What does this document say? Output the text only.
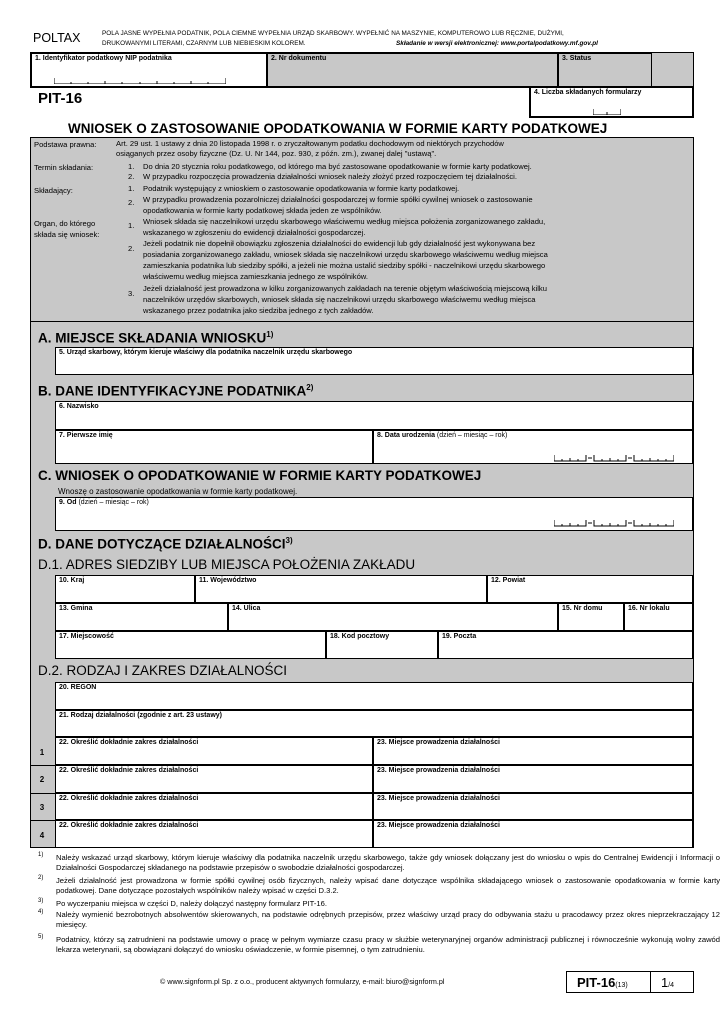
POLTAX	POLA JASNE WYPEŁNIA PODATNIK, POLA CIEMNE WYPEŁNIA URZĄD SKARBOWY. WYPEŁNIĆ NA MASZYNIE, KOMPUTEROWO LUB RĘCZNIE, DUŻYMI,
DRUKOWANYMI LITERAMI, CZARNYM LUB NIEBIESKIM KOLOREM.	Składanie w wersji elektronicznej: www.portalpodatkowy.mf.gov.pl
1. Identyfikator podatkowy NIP podatnika	2. Nr dokumentu	3. Status
PIT-16	4. Liczba składanych formularzy
WNIOSEK O ZASTOSOWANIE OPODATKOWANIA W FORMIE KARTY PODATKOWEJ
Podstawa prawna:	Art. 29 ust. 1 ustawy z dnia 20 listopada 1998 r. o zryczałtowanym podatku dochodowym od niektórych przychodów
osiąganych przez osoby fizyczne (Dz. U. Nr 144, poz. 930, z późn. zm.), zwanej dalej "ustawą".
Termin składania:	1. Do dnia 20 stycznia roku podatkowego, od którego ma być zastosowane opodatkowanie w formie karty podatkowej.
2. W przypadku rozpoczęcia prowadzenia działalności wniosek należy złożyć przed rozpoczęciem tej działalności.
Składający:	1. Podatnik występujący z wnioskiem o zastosowanie opodatkowania w formie karty podatkowej.
2. W przypadku prowadzenia pozarolniczej działalności gospodarczej w formie spółki cywilnej wniosek o zastosowanie
opodatkowania w formie karty podatkowej składa jeden ze wspólników.
Organ, do którego
składa się wniosek:
1. Wniosek składa się naczelnikowi urzędu skarbowego właściwemu według miejsca położenia zorganizowanego zakładu,
wskazanego w zgłoszeniu do ewidencji działalności gospodarczej.
2.
Jeżeli podatnik nie dopełnił obowiązku zgłoszenia działalności do ewidencji lub gdy działalność jest wykonywana bez
posiadania zorganizowanego zakładu, wniosek składa się naczelnikowi urzędu skarbowego właściwemu według miejsca
zamieszkania podatnika lub siedziby spółki, a jeżeli nie można ustalić siedziby spółki - naczelnikowi urzędu skarbowego
właściwemu według miejsca zamieszkania jednego ze wspólników.
3.
Jeżeli działalność jest prowadzona w kilku zorganizowanych zakładach na terenie objętym właściwością miejscową kilku
naczelników urzędów skarbowych, wniosek składa się naczelnikowi urzędu skarbowego właściwemu według miejsca
wskazanego przez podatnika jako siedziba jednego z tych zakładów.
A. MIEJSCE SKŁADANIA WNIOSKU$^{1)}$
5. Urząd skarbowy, którym kieruje właściwy dla podatnika naczelnik urzędu skarbowego
B. DANE IDENTYFIKACYJNE PODATNIKA$^{2)}$
6. Nazwisko
7. Pierwsze imię	8. Data urodzenia (dzień – miesiąc – rok)
C. WNIOSEK O OPODATKOWANIE W FORMIE KARTY PODATKOWEJ
Wnoszę o zastosowanie opodatkowania w formie karty podatkowej.
9. Od (dzień – miesiąc – rok)
D. DANE DOTYCZĄCE DZIAŁALNOŚCI$^{3)}$
D.1. ADRES SIEDZIBY LUB MIEJSCA POŁOŻENIA ZAKŁADU
10. Kraj	11. Województwo	12. Powiat
13. Gmina	14. Ulica	15. Nr domu	16. Nr lokalu
17. Miejscowość	18. Kod pocztowy	19. Poczta
D.2. RODZAJ I ZAKRES DZIAŁALNOŚCI
20. REGON
21. Rodzaj działalności (zgodnie z art. 23 ustawy)
1
22. Określić dokładnie zakres działalności	23. Miejsce prowadzenia działalności
2
22. Określić dokładnie zakres działalności	23. Miejsce prowadzenia działalności
3
22. Określić dokładnie zakres działalności	23. Miejsce prowadzenia działalności
4
22. Określić dokładnie zakres działalności	23. Miejsce prowadzenia działalności
1) Należy wskazać urząd skarbowy, którym kieruje właściwy dla podatnika naczelnik urzędu skarbowego, także gdy wniosek dołączany jest do wniosku o wpis do Centralnej Ewidencji i Informacji o Działalności Gospodarczej składanego na podstawie przepisów o swobodzie działalności gospodarczej.
2) Jeżeli działalność jest prowadzona w formie spółki cywilnej osób fizycznych, należy wpisać dane dotyczące wspólnika składającego wniosek o zastosowanie opodatkowania w formie karty podatkowej. Dane dotyczące pozostałych wspólników należy wpisać w części D.3.2.
3) Po wyczerpaniu miejsca w części D, należy dołączyć następny formularz PIT-16.
4) Należy wymienić bezrobotnych absolwentów skierowanych, na podstawie odrębnych przepisów, przez właściwy urząd pracy do odbywania stażu u pracodawcy przez okres nieprzekraczający 12 miesięcy.
5) Podatnicy, którzy są zatrudnieni na podstawie umowy o pracę w pełnym wymiarze czasu pracy w służbie weterynaryjnej organów administracji publicznej i równocześnie wykonują wolny zawód lekarza weterynarii, są obowiązani dołączyć do wniosku oświadczenie, w formie pisemnej, o tym zatrudnieniu.
© www.signform.pl Sp. z o.o., producent aktywnych formularzy, e-mail: biuro@signform.pl	PIT-16(13)	1/4
